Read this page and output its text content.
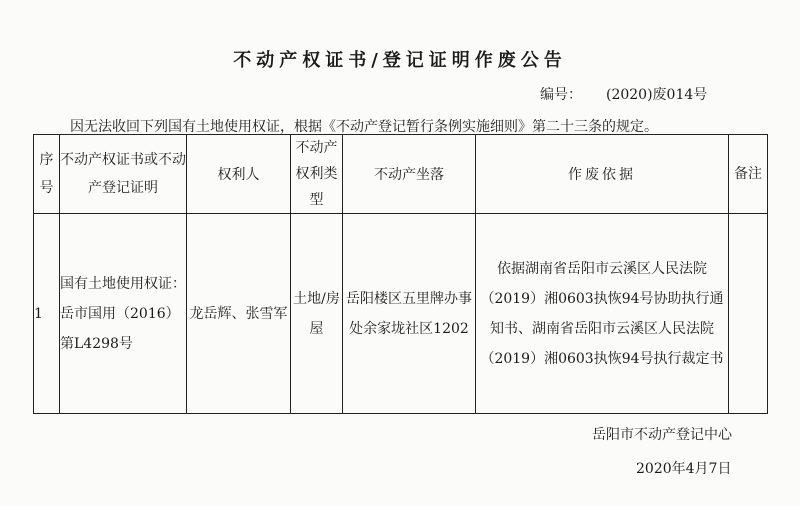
不动产权证书/登记证明作废公告
编号： (2020)废014号
因无法收回下列国有土地使用权证，根据《不动产登记暂行条例实施细则》第二十三条的规定。
序号	不动产权证书或不动产登记证明	权利人	不动产权利类型	不动产坐落	作废依据	备注
1	国有土地使用权证：岳市国用（2016）第L4298号	龙岳辉、张雪军	土地/房屋	岳阳楼区五里牌办事处余家垅社区1202	依据湖南省岳阳市云溪区人民法院（2019）湘0603执恢94号协助执行通知书、湖南省岳阳市云溪区人民法院（2019）湘0603执恢94号执行裁定书	
岳阳市不动产登记中心
2020年4月7日
